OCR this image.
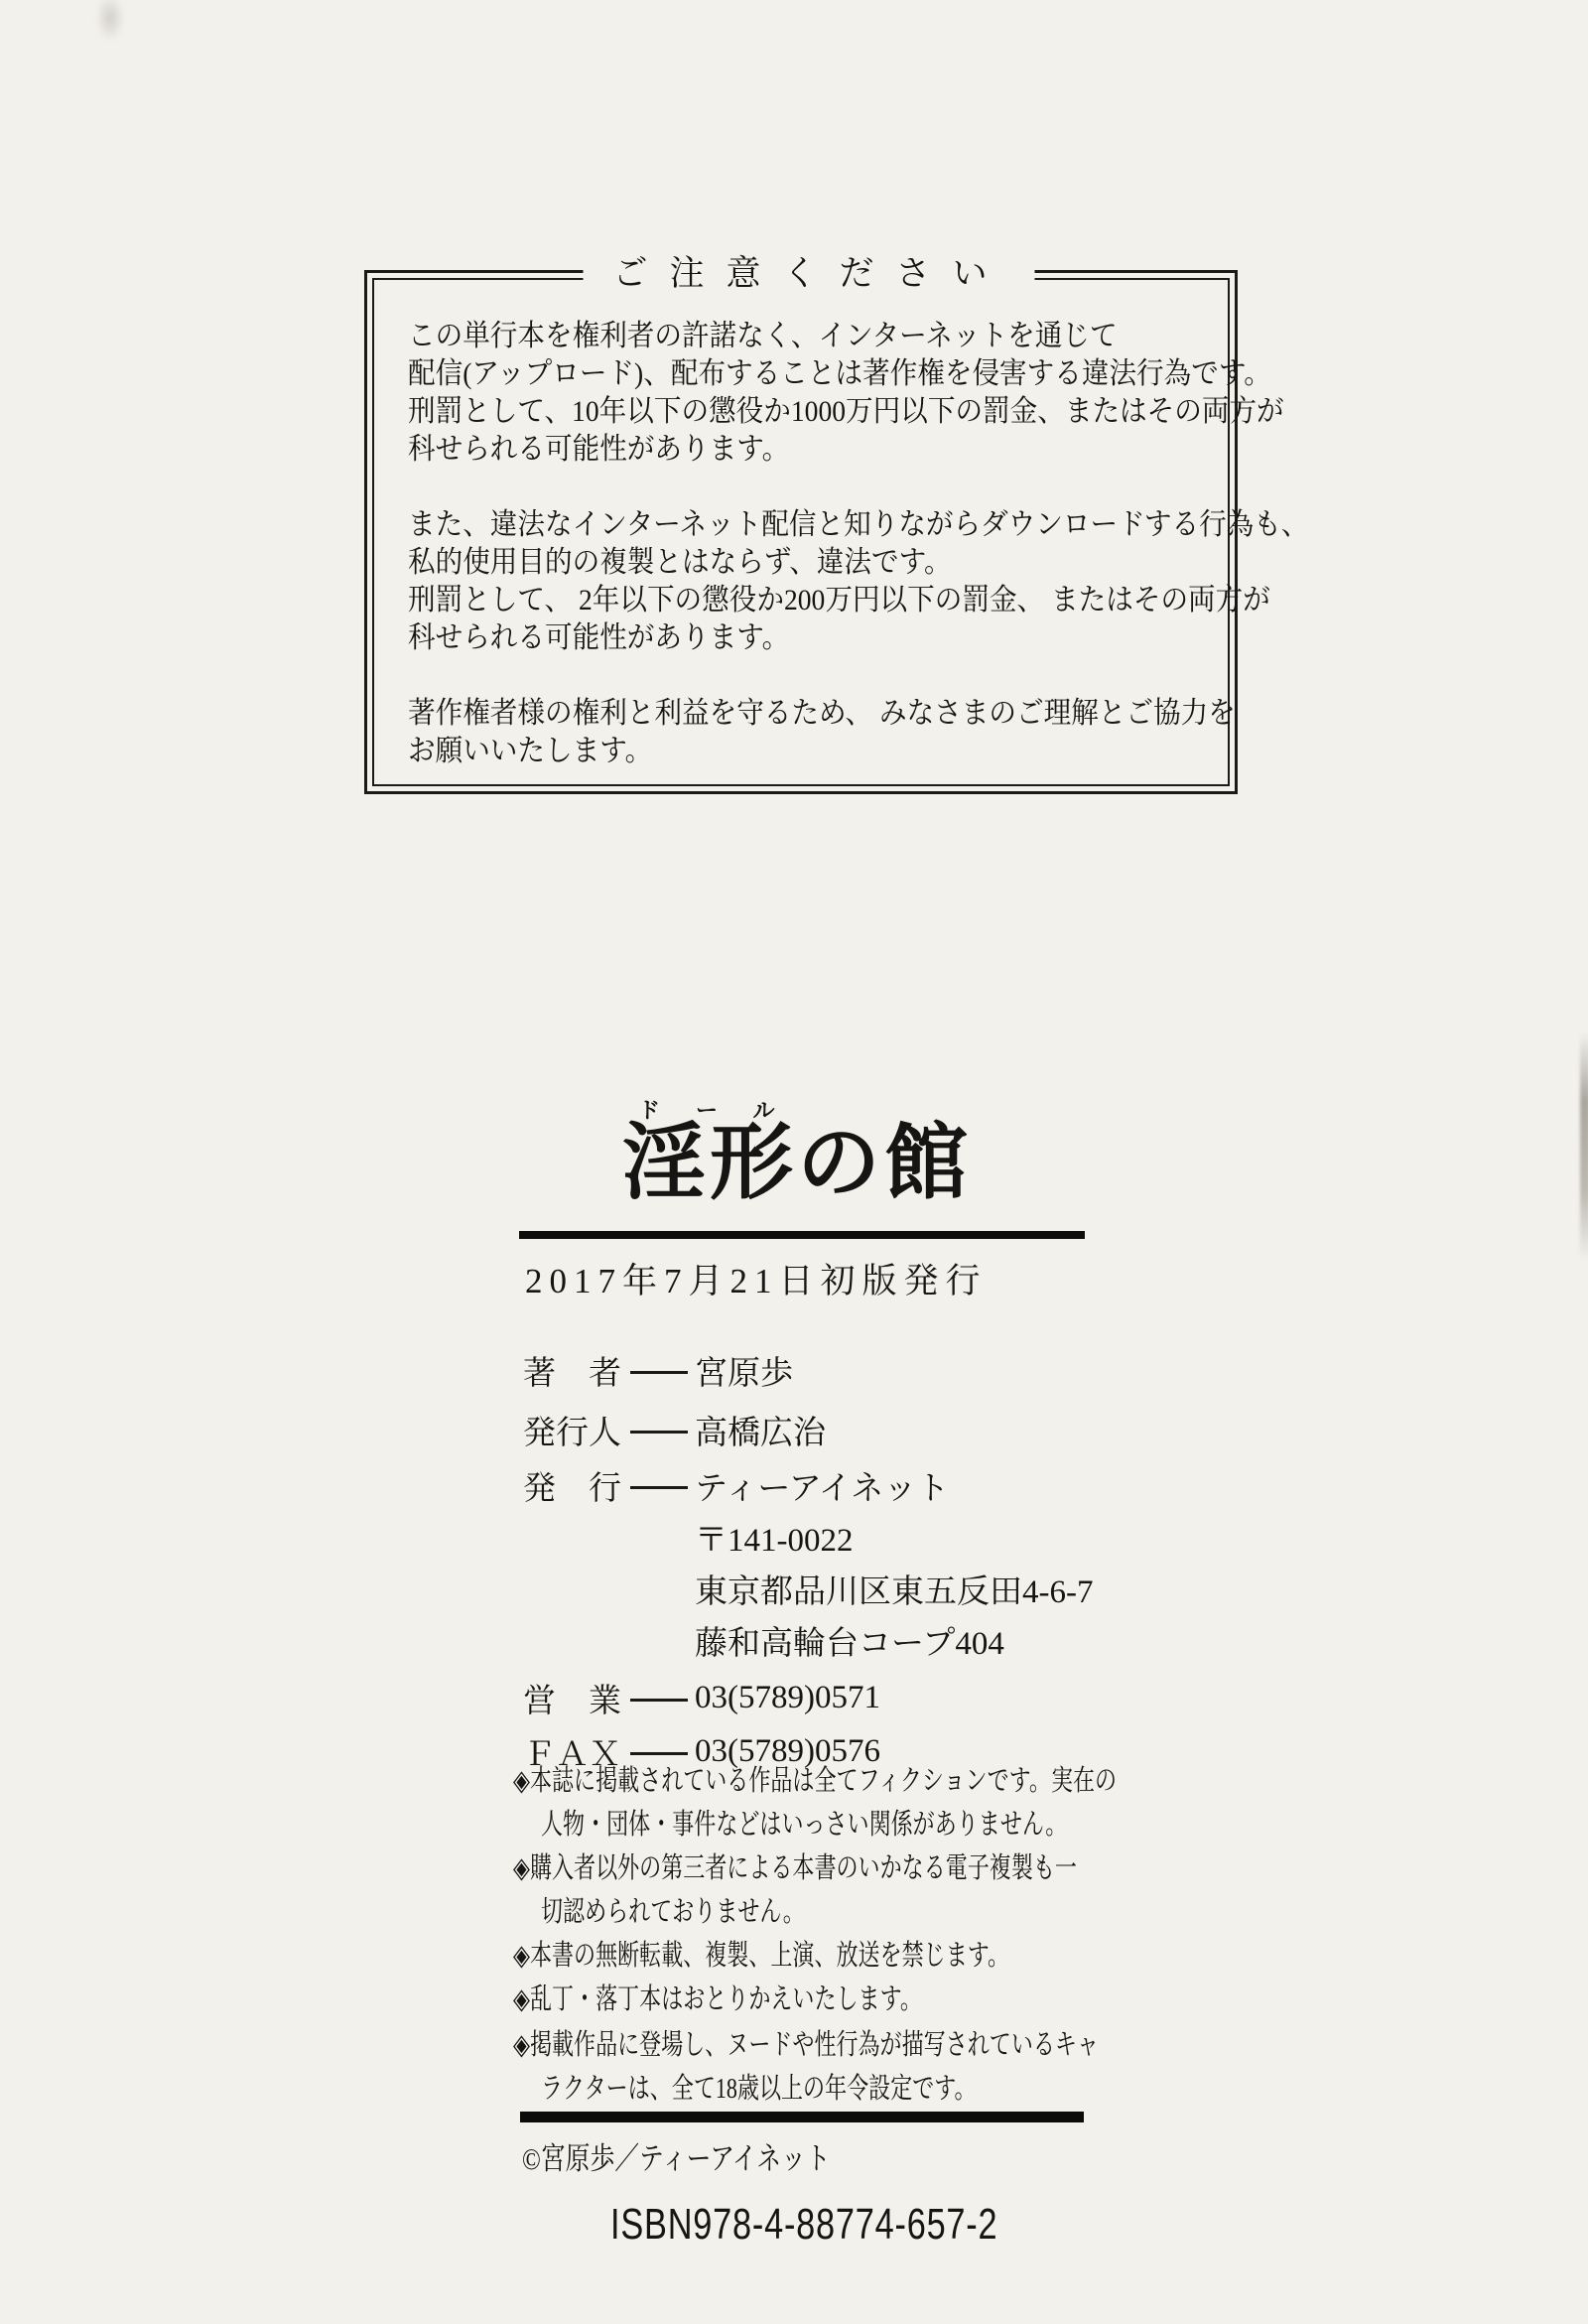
ご注意ください
この単行本を権利者の許諾なく、インターネットを通じて
配信(アップロード)、配布することは著作権を侵害する違法行為です。
刑罰として、10年以下の懲役か1000万円以下の罰金、またはその両方が
科せられる可能性があります。
また、違法なインターネット配信と知りながらダウンロードする行為も、
私的使用目的の複製とはならず、違法です。
刑罰として、 2年以下の懲役か200万円以下の罰金、 またはその両方が
科せられる可能性があります。
著作権者様の権利と利益を守るため、 みなさまのご理解とご協力を
お願いいたします。
ドール
淫形の館
2017年7月21日初版発行
著　者 宮原歩
発行人 高橋広治
発　行 ティーアイネット
〒141-0022
東京都品川区東五反田4-6-7
藤和高輪台コープ404
営　業 03(5789)0571
ＦＡＸ 03(5789)0576
◈本誌に掲載されている作品は全てフィクションです。実在の
人物・団体・事件などはいっさい関係がありません。
◈購入者以外の第三者による本書のいかなる電子複製も一
切認められておりません。
◈本書の無断転載、複製、上演、放送を禁じます。
◈乱丁・落丁本はおとりかえいたします。
◈掲載作品に登場し、ヌードや性行為が描写されているキャ
ラクターは、全て18歳以上の年令設定です。
©宮原歩／ティーアイネット
ISBN978-4-88774-657-2
